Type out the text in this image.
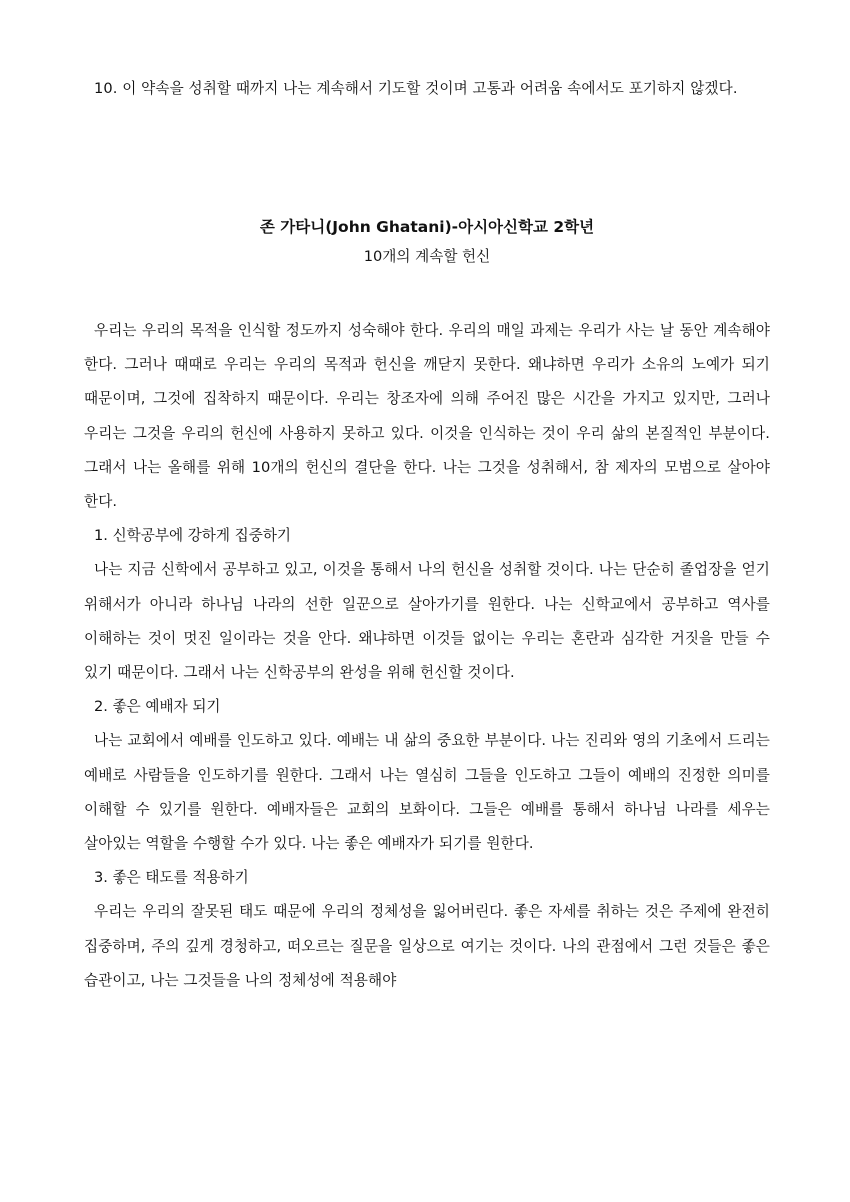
10. 이 약속을 성취할 때까지 나는 계속해서 기도할 것이며 고통과 어려움 속에서도 포기하지 않겠다.

존 가타니(John Ghatani)-아시아신학교 2학년

10개의 계속할 헌신

우리는 우리의 목적을 인식할 정도까지 성숙해야 한다. 우리의 매일 과제는 우리가 사는 날 동안 계속해야 한다. 그러나 때때로 우리는 우리의 목적과 헌신을 깨닫지 못한다. 왜냐하면 우리가 소유의 노예가 되기 때문이며, 그것에 집착하지 때문이다. 우리는 창조자에 의해 주어진 많은 시간을 가지고 있지만, 그러나 우리는 그것을 우리의 헌신에 사용하지 못하고 있다. 이것을 인식하는 것이 우리 삶의 본질적인 부분이다. 그래서 나는 올해를 위해 10개의 헌신의 결단을 한다. 나는 그것을 성취해서, 참 제자의 모범으로 살아야 한다.

1. 신학공부에 강하게 집중하기

나는 지금 신학에서 공부하고 있고, 이것을 통해서 나의 헌신을 성취할 것이다. 나는 단순히 졸업장을 얻기 위해서가 아니라 하나님 나라의 선한 일꾼으로 살아가기를 원한다. 나는 신학교에서 공부하고 역사를 이해하는 것이 멋진 일이라는 것을 안다. 왜냐하면 이것들 없이는 우리는 혼란과 심각한 거짓을 만들 수 있기 때문이다. 그래서 나는 신학공부의 완성을 위해 헌신할 것이다.

2. 좋은 예배자 되기

나는 교회에서 예배를 인도하고 있다. 예배는 내 삶의 중요한 부분이다. 나는 진리와 영의 기초에서 드리는 예배로 사람들을 인도하기를 원한다. 그래서 나는 열심히 그들을 인도하고 그들이 예배의 진정한 의미를 이해할 수 있기를 원한다. 예배자들은 교회의 보화이다. 그들은 예배를 통해서 하나님 나라를 세우는 살아있는 역할을 수행할 수가 있다. 나는 좋은 예배자가 되기를 원한다.

3. 좋은 태도를 적용하기

우리는 우리의 잘못된 태도 때문에 우리의 정체성을 잃어버린다. 좋은 자세를 취하는 것은 주제에 완전히 집중하며, 주의 깊게 경청하고, 떠오르는 질문을 일상으로 여기는 것이다. 나의 관점에서 그런 것들은 좋은 습관이고, 나는 그것들을 나의 정체성에 적용해야
